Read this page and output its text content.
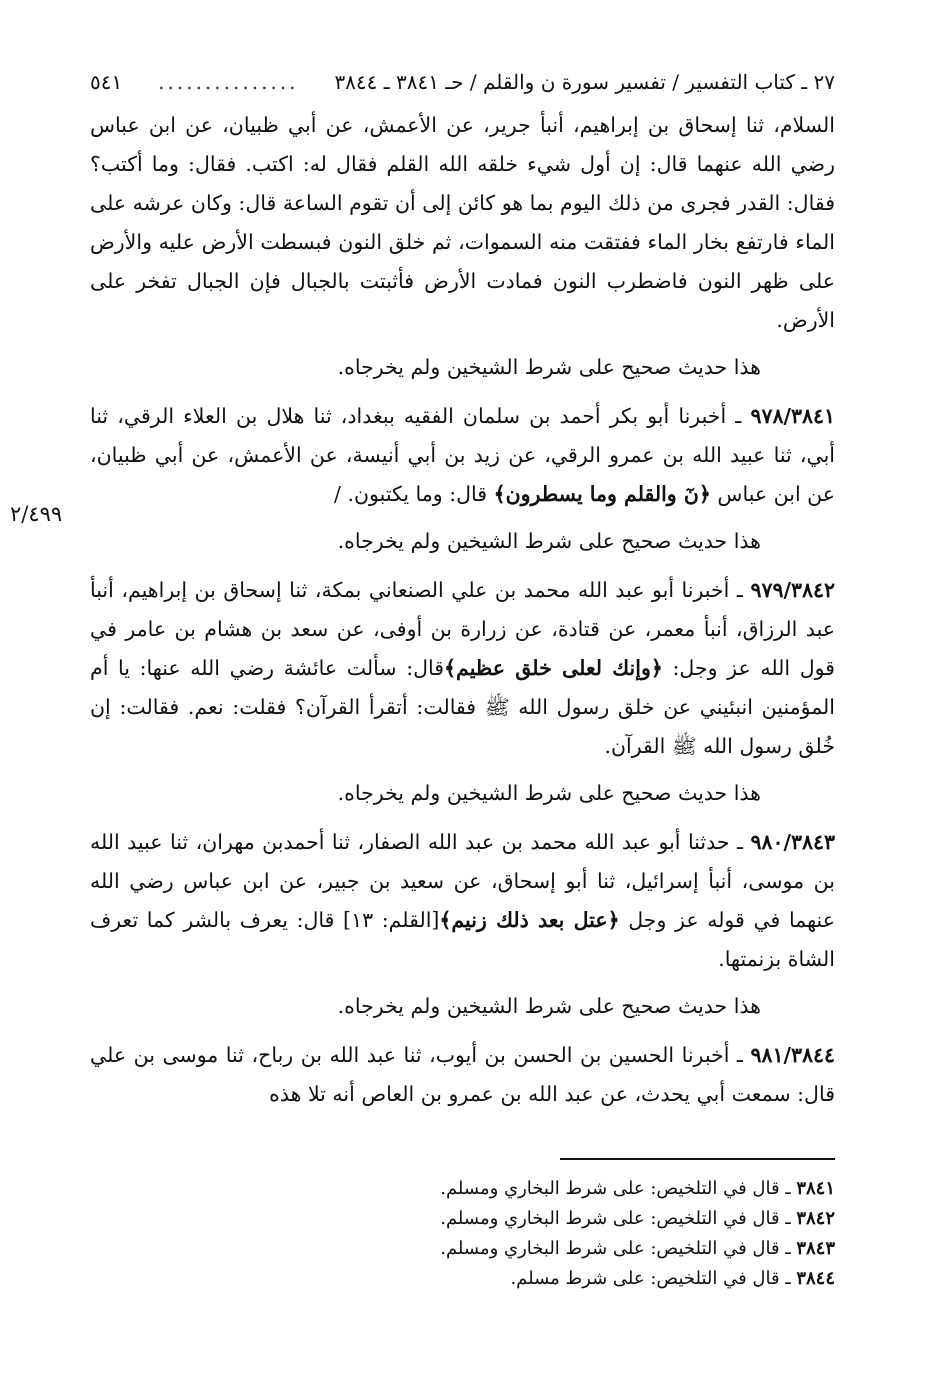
٢٧ ـ كتاب التفسير / تفسير سورة ن والقلم / حـ ٣٨٤١ ـ ٣٨٤٤
...............
٥٤١

السلام، ثنا إسحاق بن إبراهيم، أنبأ جرير، عن الأعمش، عن أبي ظبيان، عن ابن عباس رضي الله عنهما قال: إن أول شيء خلقه الله القلم فقال له: اكتب. فقال: وما أكتب؟ فقال: القدر فجرى من ذلك اليوم بما هو كائن إلى أن تقوم الساعة قال: وكان عرشه على الماء فارتفع بخار الماء ففتقت منه السموات، ثم خلق النون فبسطت الأرض عليه والأرض على ظهر النون فاضطرب النون فمادت الأرض فأثبتت بالجبال فإن الجبال تفخر على الأرض.

هذا حديث صحيح على شرط الشيخين ولم يخرجاه.

٩٧٨/٣٨٤١ ـ أخبرنا أبو بكر أحمد بن سلمان الفقيه ببغداد، ثنا هلال بن العلاء الرقي، ثنا أبي، ثنا عبيد الله بن عمرو الرقي، عن زيد بن أبي أنيسة، عن الأعمش، عن أبي ظبيان، عن ابن عباس ﴿نٓ والقلم وما يسطرون﴾ قال: وما يكتبون. /

هذا حديث صحيح على شرط الشيخين ولم يخرجاه.

٩٧٩/٣٨٤٢ ـ أخبرنا أبو عبد الله محمد بن علي الصنعاني بمكة، ثنا إسحاق بن إبراهيم، أنبأ عبد الرزاق، أنبأ معمر، عن قتادة، عن زرارة بن أوفى، عن سعد بن هشام بن عامر في قول الله عز وجل: ﴿وإنك لعلى خلق عظيم﴾قال: سألت عائشة رضي الله عنها: يا أم المؤمنين انبئيني عن خلق رسول الله ﷺ فقالت: أتقرأ القرآن؟ فقلت: نعم. فقالت: إن خُلق رسول الله ﷺ القرآن.

هذا حديث صحيح على شرط الشيخين ولم يخرجاه.

٩٨٠/٣٨٤٣ ـ حدثنا أبو عبد الله محمد بن عبد الله الصفار، ثنا أحمدبن مهران، ثنا عبيد الله بن موسى، أنبأ إسرائيل، ثنا أبو إسحاق، عن سعيد بن جبير، عن ابن عباس رضي الله عنهما في قوله عز وجل ﴿عتل بعد ذلك زنيم﴾[القلم: ١٣] قال: يعرف بالشر كما تعرف الشاة بزنمتها.

هذا حديث صحيح على شرط الشيخين ولم يخرجاه.

٩٨١/٣٨٤٤ ـ أخبرنا الحسين بن الحسن بن أيوب، ثنا عبد الله بن رباح، ثنا موسى بن علي قال: سمعت أبي يحدث، عن عبد الله بن عمرو بن العاص أنه تلا هذه

٢/٤٩٩
٣٨٤١ ـ قال في التلخيص: على شرط البخاري ومسلم.
٣٨٤٢ ـ قال في التلخيص: على شرط البخاري ومسلم.
٣٨٤٣ ـ قال في التلخيص: على شرط البخاري ومسلم.
٣٨٤٤ ـ قال في التلخيص: على شرط مسلم.
